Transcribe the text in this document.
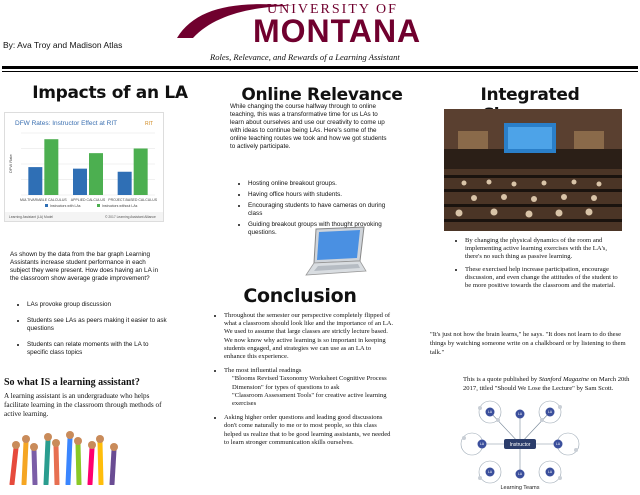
By: Ava Troy and Madison Atlas
UNIVERSITY OF
MONTANA
Roles, Relevance, and Rewards of a Learning Assistant
Impacts of an LA
DFW Rates: Instructor Effect at RIT	RIT
DFW Rate
MULTIVARIABLE CALCULUS APPLIED CALCULUS PROJECT-BASED CALCULUS
Instructors with LAs	Instructors without LAs
Learning Assistant (LA) Model	© 2017 Learning Assistant Alliance
As shown by the data from the bar graph Learning Assistants increase student performance in each subject they were present. How does having an LA in the classroom show average grade improvement?
• LAs provoke group discussion
• Students see LAs as peers making it easier to ask questions
• Students can relate moments with the LA to specific class topics
So what IS a learning assistant?
A learning assistant is an undergraduate who helps facilitate learning in the classroom through methods of active learning.
Online Relevance
While changing the course halfway through to online teaching, this was a transformative time for us LAs to learn about ourselves and use our creativity to come up with ideas to continue being LAs. Here's some of the online teaching routes we took and how we got students to actively participate.
• Hosting online breakout groups.
• Having office hours with students.
• Encouraging students to have cameras on during class
• Guiding breakout groups with thought provoking questions.
Conclusion
• Throughout the semester our perspective completely flipped of what a classroom should look like and the importance of an LA. We used to assume that large classes are strictly lecture based. We now know why active learning is so important in keeping students engaged, and strategies we can use as an LA to enhance this experience.
• The most influential readings
"Blooms Revised Taxonomy Worksheet Cognitive Process Dimension" for types of questions to ask
"Classroom Assessment Tools" for creative active learning exercises
• Asking higher order questions and leading good discussions don't come naturally to me or to most people, so this class helped us realize that to be good learning assistants, we needed to learn stronger communication skills ourselves.
Integrated
• By changing the physical dynamics of the room and implementing active learning exercises with the LA's, there's no such thing as passive learning.
• These exercised help increase participation, encourage discussion, and even change the attitudes of the student to be more positive towards the classroom and the material.
"It's just not how the brain learns," he says. "It does not learn to do these things by watching someone write on a chalkboard or by listening to them talk."
This is a quote published by Stanford Magazine on March 20th 2017, titled "Should We Lose the Lecture" by Sam Scott.
LA	LA	LA
LA	LA
LA	LA	LA
Instructor
Learning Teams
